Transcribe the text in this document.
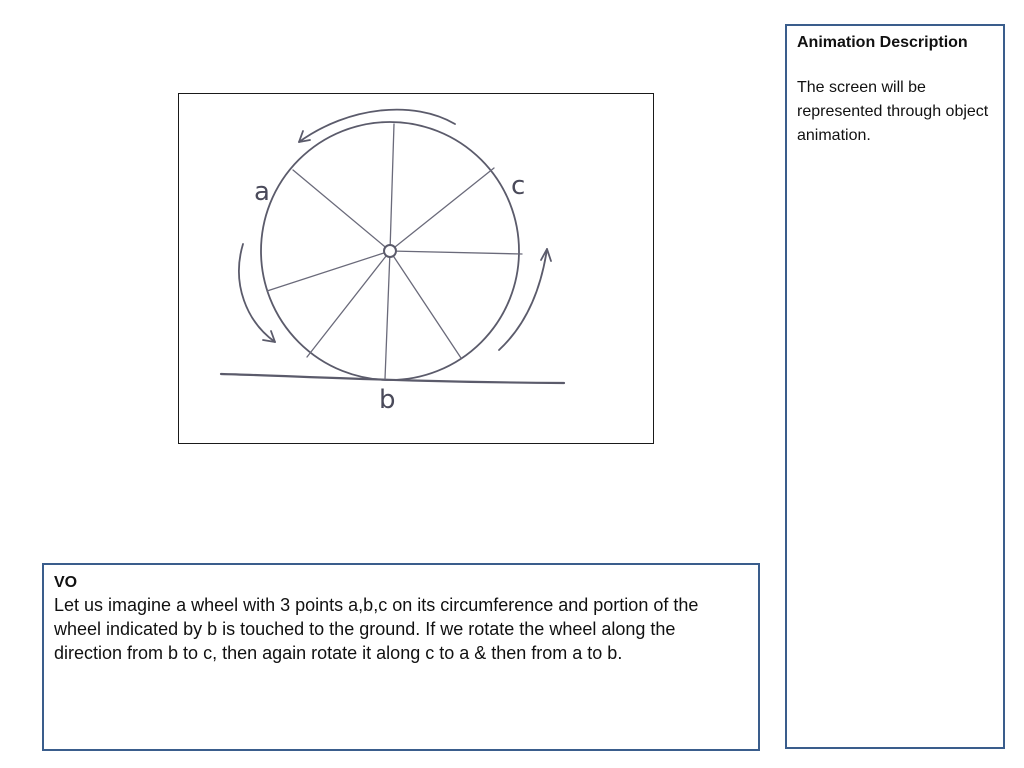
a	c
b
Animation Description

The screen will be represented through object animation.

VO

Let us imagine a wheel with 3 points a,b,c on its circumference and portion of the wheel indicated by b is touched to the ground. If we rotate the wheel along the direction from b to c, then again rotate it along c to a & then from a to b.
